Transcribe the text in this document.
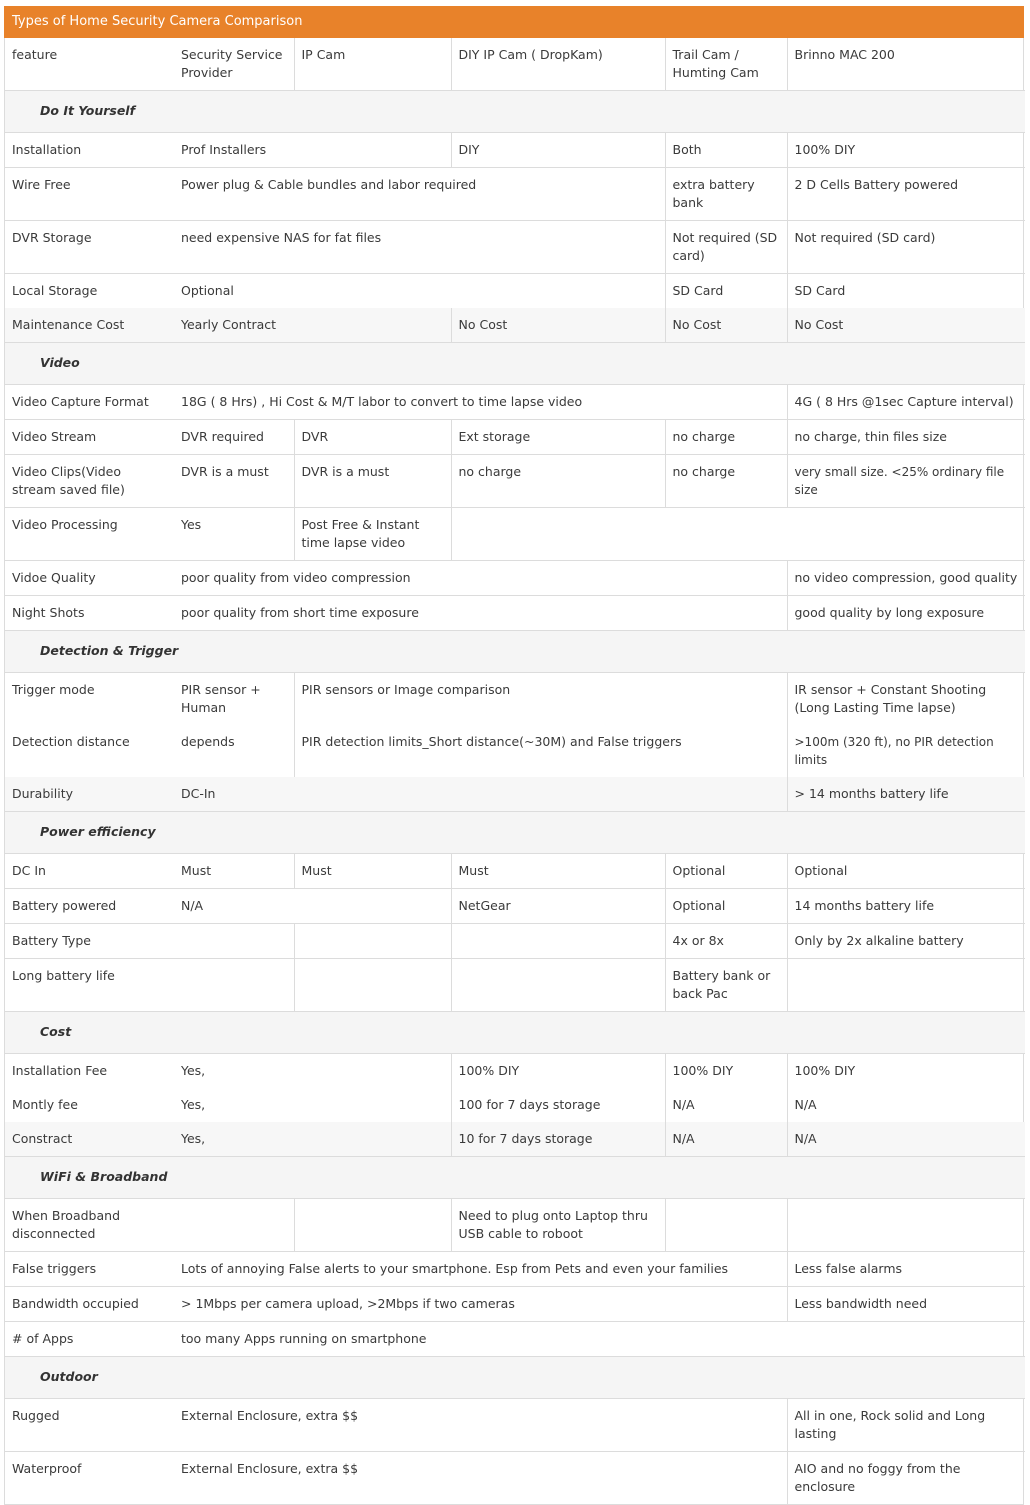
Types of Home Security Camera Comparison
feature	Security Service Provider	IP Cam	DIY IP Cam ( DropKam)	Trail Cam / Humting Cam	Brinno MAC 200
Do It Yourself					
Installation	Prof Installers		DIY	Both	100% DIY
Wire Free	Power plug & Cable bundles and labor required			extra battery bank	2 D Cells Battery powered
DVR Storage	need expensive NAS for fat files			Not required (SD card)	Not required (SD card)
Local Storage	Optional			SD Card	SD Card
Maintenance Cost	Yearly Contract		No Cost	No Cost	No Cost
Video					
Video Capture Format	18G ( 8 Hrs) , Hi Cost & M/T labor to convert to time lapse video				4G ( 8 Hrs @1sec Capture interval)
Video Stream	DVR required	DVR	Ext storage	no charge	no charge, thin files size
Video Clips(Video stream saved file)	DVR is a must	DVR is a must	no charge	no charge	very small size. <25% ordinary file size
Video Processing	Yes	Post Free & Instant time lapse video			
Vidoe Quality	poor quality from video compression				no video compression, good quality
Night Shots	poor quality from short time exposure				good quality by long exposure
Detection & Trigger					
Trigger mode	PIR sensor + Human	PIR sensors or Image comparison			IR sensor + Constant Shooting (Long Lasting Time lapse)
Detection distance	depends	PIR detection limits_Short distance(~30M) and False triggers			>100m (320 ft), no PIR detection limits
Durability	DC-In				> 14 months battery life
Power efficiency					
DC In	Must	Must	Must	Optional	Optional
Battery powered	N/A		NetGear	Optional	14 months battery life
Battery Type				4x or 8x	Only by 2x alkaline battery
Long battery life				Battery bank or back Pac	
Cost					
Installation Fee	Yes,		100% DIY	100% DIY	100% DIY
Montly fee	Yes,		100 for 7 days storage	N/A	N/A
Constract	Yes,		10 for 7 days storage	N/A	N/A
WiFi & Broadband					
When Broadband disconnected			Need to plug onto Laptop thru USB cable to roboot		
False triggers	Lots of annoying False alerts to your smartphone. Esp from Pets and even your families				Less false alarms
Bandwidth occupied	> 1Mbps per camera upload, >2Mbps if two cameras				Less bandwidth need
# of Apps	too many Apps running on smartphone				
Outdoor					
Rugged	External Enclosure, extra $$				All in one, Rock solid and Long lasting
Waterproof	External Enclosure, extra $$				AIO and no foggy from the enclosure
